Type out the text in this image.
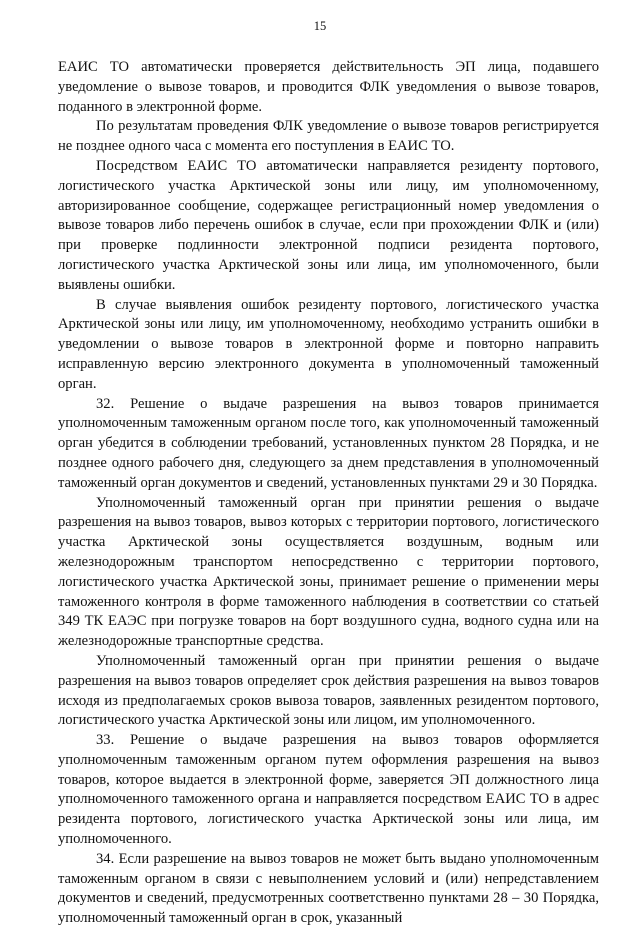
15

ЕАИС ТО автоматически проверяется действительность ЭП лица, подавшего уведомление о вывозе товаров, и проводится ФЛК уведомления о вывозе товаров, поданного в электронной форме.

По результатам проведения ФЛК уведомление о вывозе товаров регистрируется не позднее одного часа с момента его поступления в ЕАИС ТО.

Посредством ЕАИС ТО автоматически направляется резиденту портового, логистического участка Арктической зоны или лицу, им уполномоченному, авторизированное сообщение, содержащее регистрационный номер уведомления о вывозе товаров либо перечень ошибок в случае, если при прохождении ФЛК и (или) при проверке подлинности электронной подписи резидента портового, логистического участка Арктической зоны или лица, им уполномоченного, были выявлены ошибки.

В случае выявления ошибок резиденту портового, логистического участка Арктической зоны или лицу, им уполномоченному, необходимо устранить ошибки в уведомлении о вывозе товаров в электронной форме и повторно направить исправленную версию электронного документа в уполномоченный таможенный орган.

32. Решение о выдаче разрешения на вывоз товаров принимается уполномоченным таможенным органом после того, как уполномоченный таможенный орган убедится в соблюдении требований, установленных пунктом 28 Порядка, и не позднее одного рабочего дня, следующего за днем представления в уполномоченный таможенный орган документов и сведений, установленных пунктами 29 и 30 Порядка.

Уполномоченный таможенный орган при принятии решения о выдаче разрешения на вывоз товаров, вывоз которых с территории портового, логистического участка Арктической зоны осуществляется воздушным, водным или железнодорожным транспортом непосредственно с территории портового, логистического участка Арктической зоны, принимает решение о применении меры таможенного контроля в форме таможенного наблюдения в соответствии со статьей 349 ТК ЕАЭС при погрузке товаров на борт воздушного судна, водного судна или на железнодорожные транспортные средства.

Уполномоченный таможенный орган при принятии решения о выдаче разрешения на вывоз товаров определяет срок действия разрешения на вывоз товаров исходя из предполагаемых сроков вывоза товаров, заявленных резидентом портового, логистического участка Арктической зоны или лицом, им уполномоченного.

33. Решение о выдаче разрешения на вывоз товаров оформляется уполномоченным таможенным органом путем оформления разрешения на вывоз товаров, которое выдается в электронной форме, заверяется ЭП должностного лица уполномоченного таможенного органа и направляется посредством ЕАИС ТО в адрес резидента портового, логистического участка Арктической зоны или лица, им уполномоченного.

34. Если разрешение на вывоз товаров не может быть выдано уполномоченным таможенным органом в связи с невыполнением условий и (или) непредставлением документов и сведений, предусмотренных соответственно пунктами 28 – 30 Порядка, уполномоченный таможенный орган в срок, указанный
